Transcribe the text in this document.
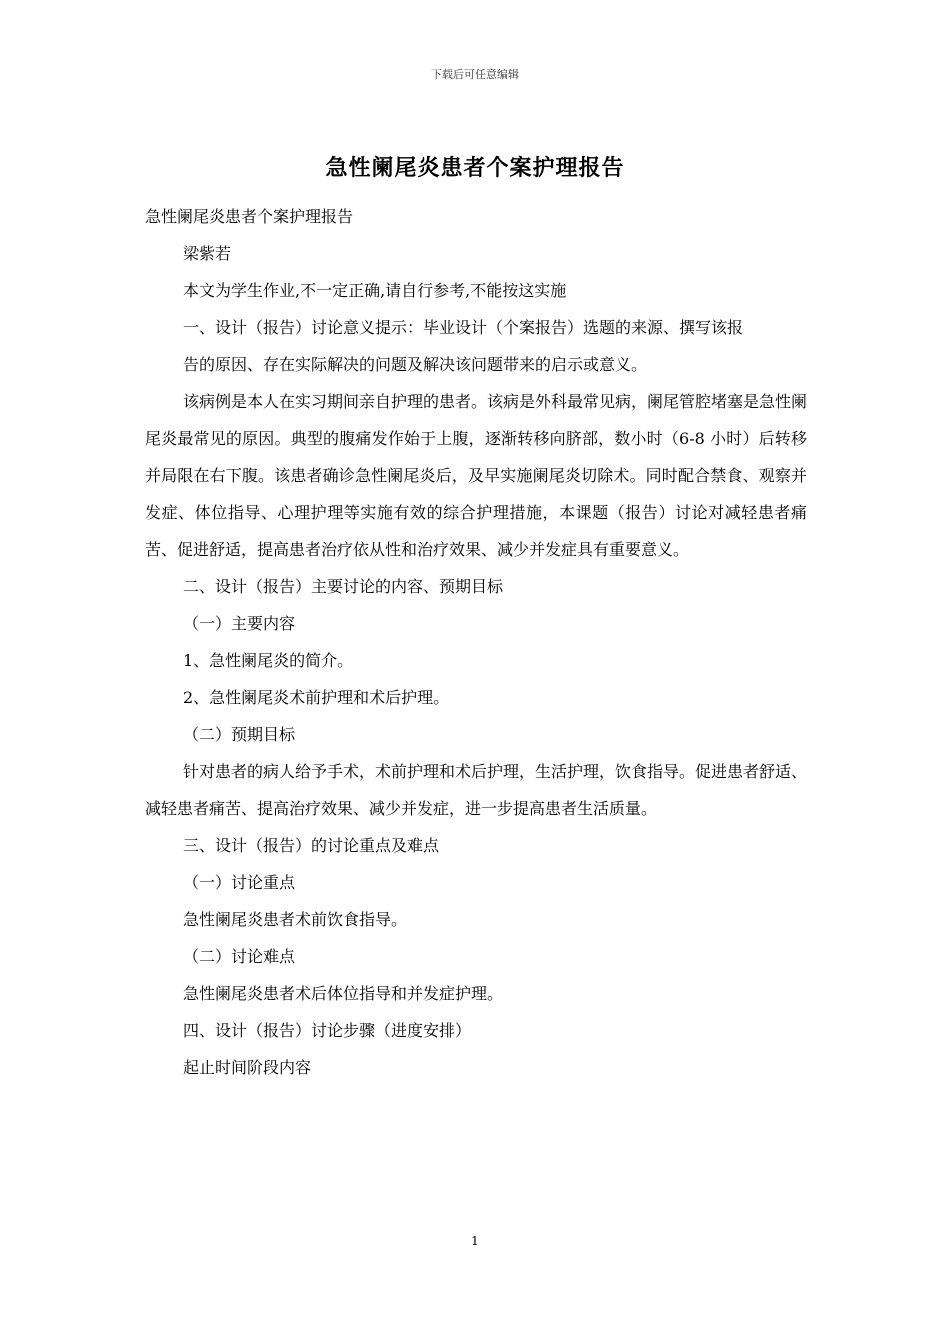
下载后可任意编辑
急性阑尾炎患者个案护理报告

急性阑尾炎患者个案护理报告

梁紫若

本文为学生作业,不一定正确,请自行参考,不能按这实施

一、设计（报告）讨论意义提示：毕业设计（个案报告）选题的来源、撰写该报

告的原因、存在实际解决的问题及解决该问题带来的启示或意义。

该病例是本人在实习期间亲自护理的患者。该病是外科最常见病，阑尾管腔堵塞是急性阑尾炎最常见的原因。典型的腹痛发作始于上腹，逐渐转移向脐部，数小时（6-8 小时）后转移并局限在右下腹。该患者确诊急性阑尾炎后，及早实施阑尾炎切除术。同时配合禁食、观察并发症、体位指导、心理护理等实施有效的综合护理措施，本课题（报告）讨论对减轻患者痛苦、促进舒适，提高患者治疗依从性和治疗效果、减少并发症具有重要意义。

二、设计（报告）主要讨论的内容、预期目标

（一）主要内容

1、急性阑尾炎的简介。

2、急性阑尾炎术前护理和术后护理。

（二）预期目标

针对患者的病人给予手术，术前护理和术后护理，生活护理，饮食指导。促进患者舒适、减轻患者痛苦、提高治疗效果、减少并发症，进一步提高患者生活质量。

三、设计（报告）的讨论重点及难点

（一）讨论重点

急性阑尾炎患者术前饮食指导。

（二）讨论难点

急性阑尾炎患者术后体位指导和并发症护理。

四、设计（报告）讨论步骤（进度安排）

起止时间阶段内容

1
